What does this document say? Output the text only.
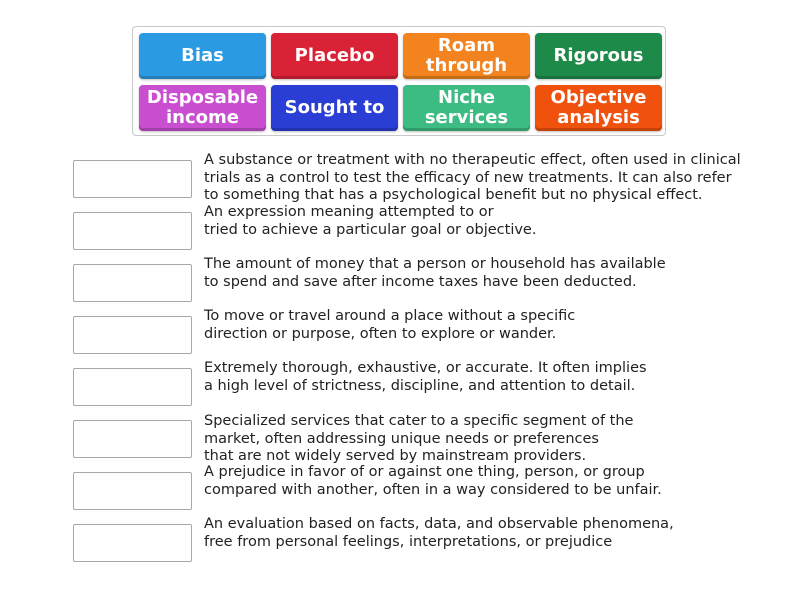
Bias	Placebo	Roam through	Rigorous
Disposable income	Sought to	Niche services
Objective analysis
A substance or treatment with no therapeutic effect, often used in clinical
trials as a control to test the efficacy of new treatments. It can also refer
to something that has a psychological benefit but no physical effect.
An expression meaning attempted to or
tried to achieve a particular goal or objective.
The amount of money that a person or household has available
to spend and save after income taxes have been deducted.
To move or travel around a place without a specific
direction or purpose, often to explore or wander.
Extremely thorough, exhaustive, or accurate. It often implies
a high level of strictness, discipline, and attention to detail.
Specialized services that cater to a specific segment of the
market, often addressing unique needs or preferences
that are not widely served by mainstream providers.
A prejudice in favor of or against one thing, person, or group
compared with another, often in a way considered to be unfair.
An evaluation based on facts, data, and observable phenomena,
free from personal feelings, interpretations, or prejudice
